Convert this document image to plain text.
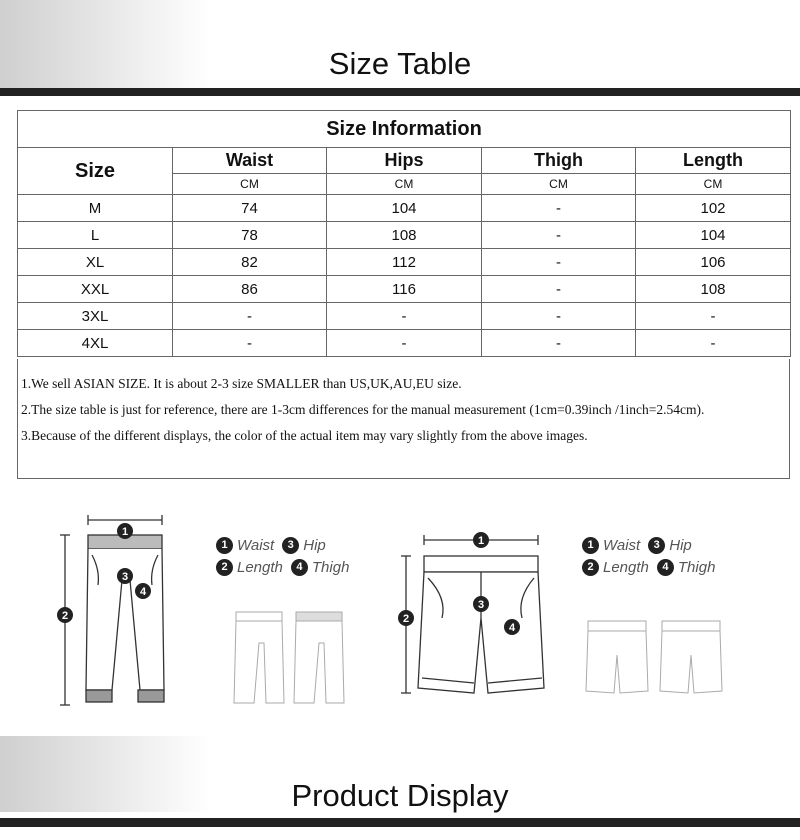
Size Table
Size Information				
Size	Waist	Hips	Thigh	Length
	CM	CM	CM	CM
M	74	104	-	102
L	78	108	-	104
XL	82	112	-	106
XXL	86	116	-	108
3XL	-	-	-	-
4XL	-	-	-	-

1.We sell ASIAN SIZE. It is about 2-3 size SMALLER than US,UK,AU,EU size.

2.The size table is just for reference, there are 1-3cm differences for the manual measurement (1cm=0.39inch /1inch=2.54cm).

3.Because of the different displays, the color of the actual item may vary slightly from the above images.

1
2
3
4
1 Waist	3 Hip
2 Length	4 Thigh
1
2
3
4
1 Waist	3 Hip
2 Length	4 Thigh
Product Display
